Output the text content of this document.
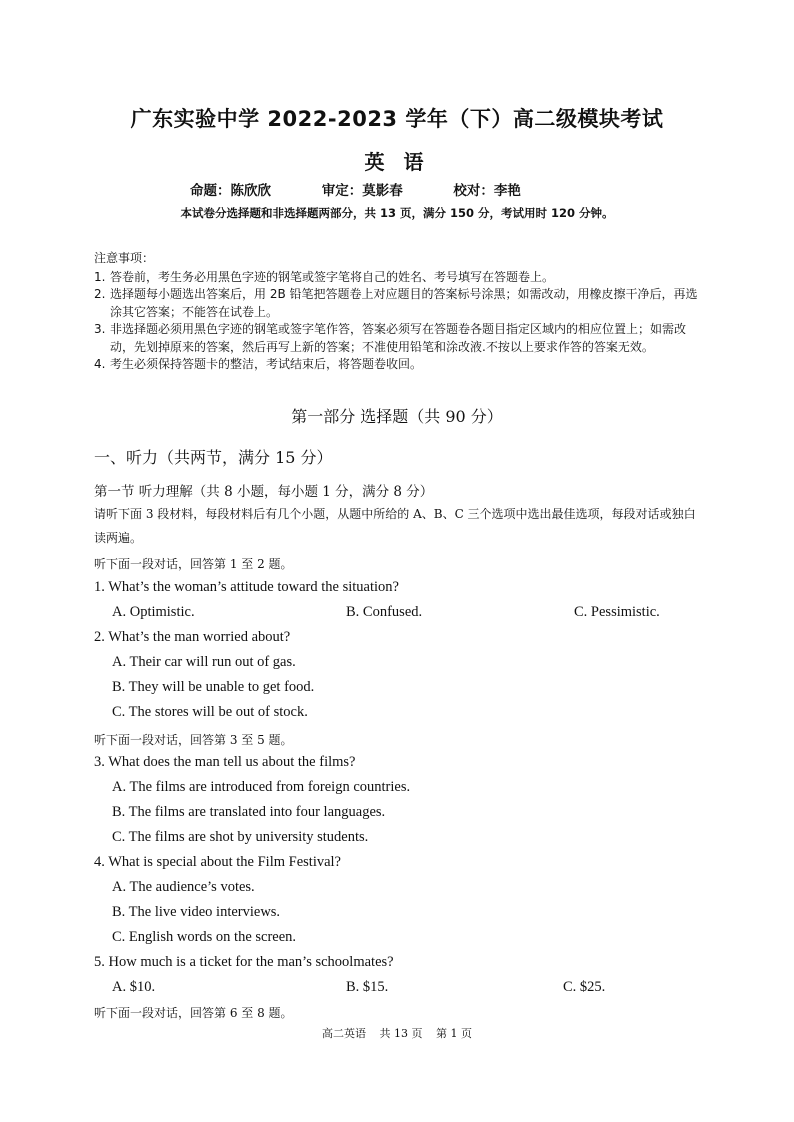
广东实验中学 2022-2023 学年（下）高二级模块考试
英 语
命题：陈欣欣	审定：莫影春	校对：李艳
本试卷分选择题和非选择题两部分，共 13 页，满分 150 分，考试用时 120 分钟。
注意事项：
1. 答卷前，考生务必用黑色字迹的钢笔或签字笔将自己的姓名、考号填写在答题卷上。
2. 选择题每小题选出答案后，用 2B 铅笔把答题卷上对应题目的答案标号涂黑；如需改动，用橡皮擦干净后，再选涂其它答案；不能答在试卷上。
3. 非选择题必须用黑色字迹的钢笔或签字笔作答，答案必须写在答题卷各题目指定区域内的相应位置上；如需改动，先划掉原来的答案，然后再写上新的答案；不准使用铅笔和涂改液.不按以上要求作答的答案无效。
4. 考生必须保持答题卡的整洁，考试结束后，将答题卷收回。
第一部分 选择题（共 90 分）
一、听力（共两节，满分 15 分）
第一节 听力理解（共 8 小题，每小题 1 分，满分 8 分）
请听下面 3 段材料，每段材料后有几个小题，从题中所给的 A、B、C 三个选项中选出最佳选项，每段对话或独白读两遍。
听下面一段对话，回答第 1 至 2 题。
1. What’s the woman’s attitude toward the situation?
A. Optimistic.	B. Confused.	C. Pessimistic.
2. What’s the man worried about?
A. Their car will run out of gas.
B. They will be unable to get food.
C. The stores will be out of stock.
听下面一段对话，回答第 3 至 5 题。
3. What does the man tell us about the films?
A. The films are introduced from foreign countries.
B. The films are translated into four languages.
C. The films are shot by university students.
4. What is special about the Film Festival?
A. The audience’s votes.
B. The live video interviews.
C. English words on the screen.
5. How much is a ticket for the man’s schoolmates?
A. $10.	B. $15.	C. $25.
听下面一段对话，回答第 6 至 8 题。
高二英语 共 13 页 第 1 页
